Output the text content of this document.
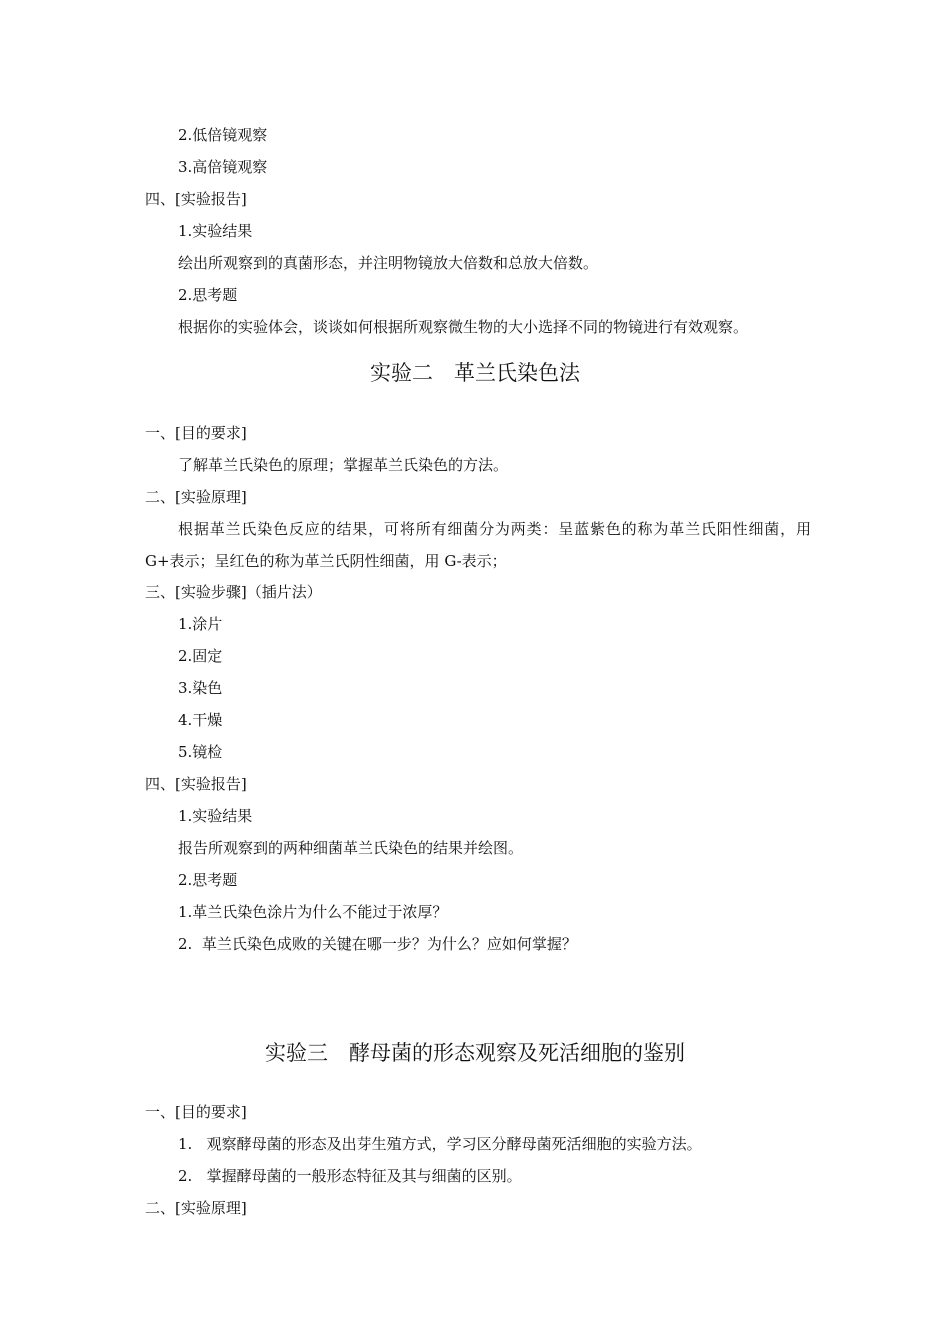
2.低倍镜观察
3.高倍镜观察
四、[实验报告]
1.实验结果
绘出所观察到的真菌形态，并注明物镜放大倍数和总放大倍数。
2.思考题
根据你的实验体会，谈谈如何根据所观察微生物的大小选择不同的物镜进行有效观察。
实验二　革兰氏染色法
一、[目的要求]
了解革兰氏染色的原理；掌握革兰氏染色的方法。
二、[实验原理]
根据革兰氏染色反应的结果，可将所有细菌分为两类：呈蓝紫色的称为革兰氏阳性细菌，用 G+表示；呈红色的称为革兰氏阴性细菌，用 G-表示；
三、[实验步骤]（插片法）
1.涂片
2.固定
3.染色
4.干燥
5.镜检
四、[实验报告]
1.实验结果
报告所观察到的两种细菌革兰氏染色的结果并绘图。
2.思考题
1.革兰氏染色涂片为什么不能过于浓厚？
2.  革兰氏染色成败的关键在哪一步？为什么？应如何掌握？
实验三　酵母菌的形态观察及死活细胞的鉴别
一、[目的要求]
1.   观察酵母菌的形态及出芽生殖方式，学习区分酵母菌死活细胞的实验方法。
2.   掌握酵母菌的一般形态特征及其与细菌的区别。
二、[实验原理]
